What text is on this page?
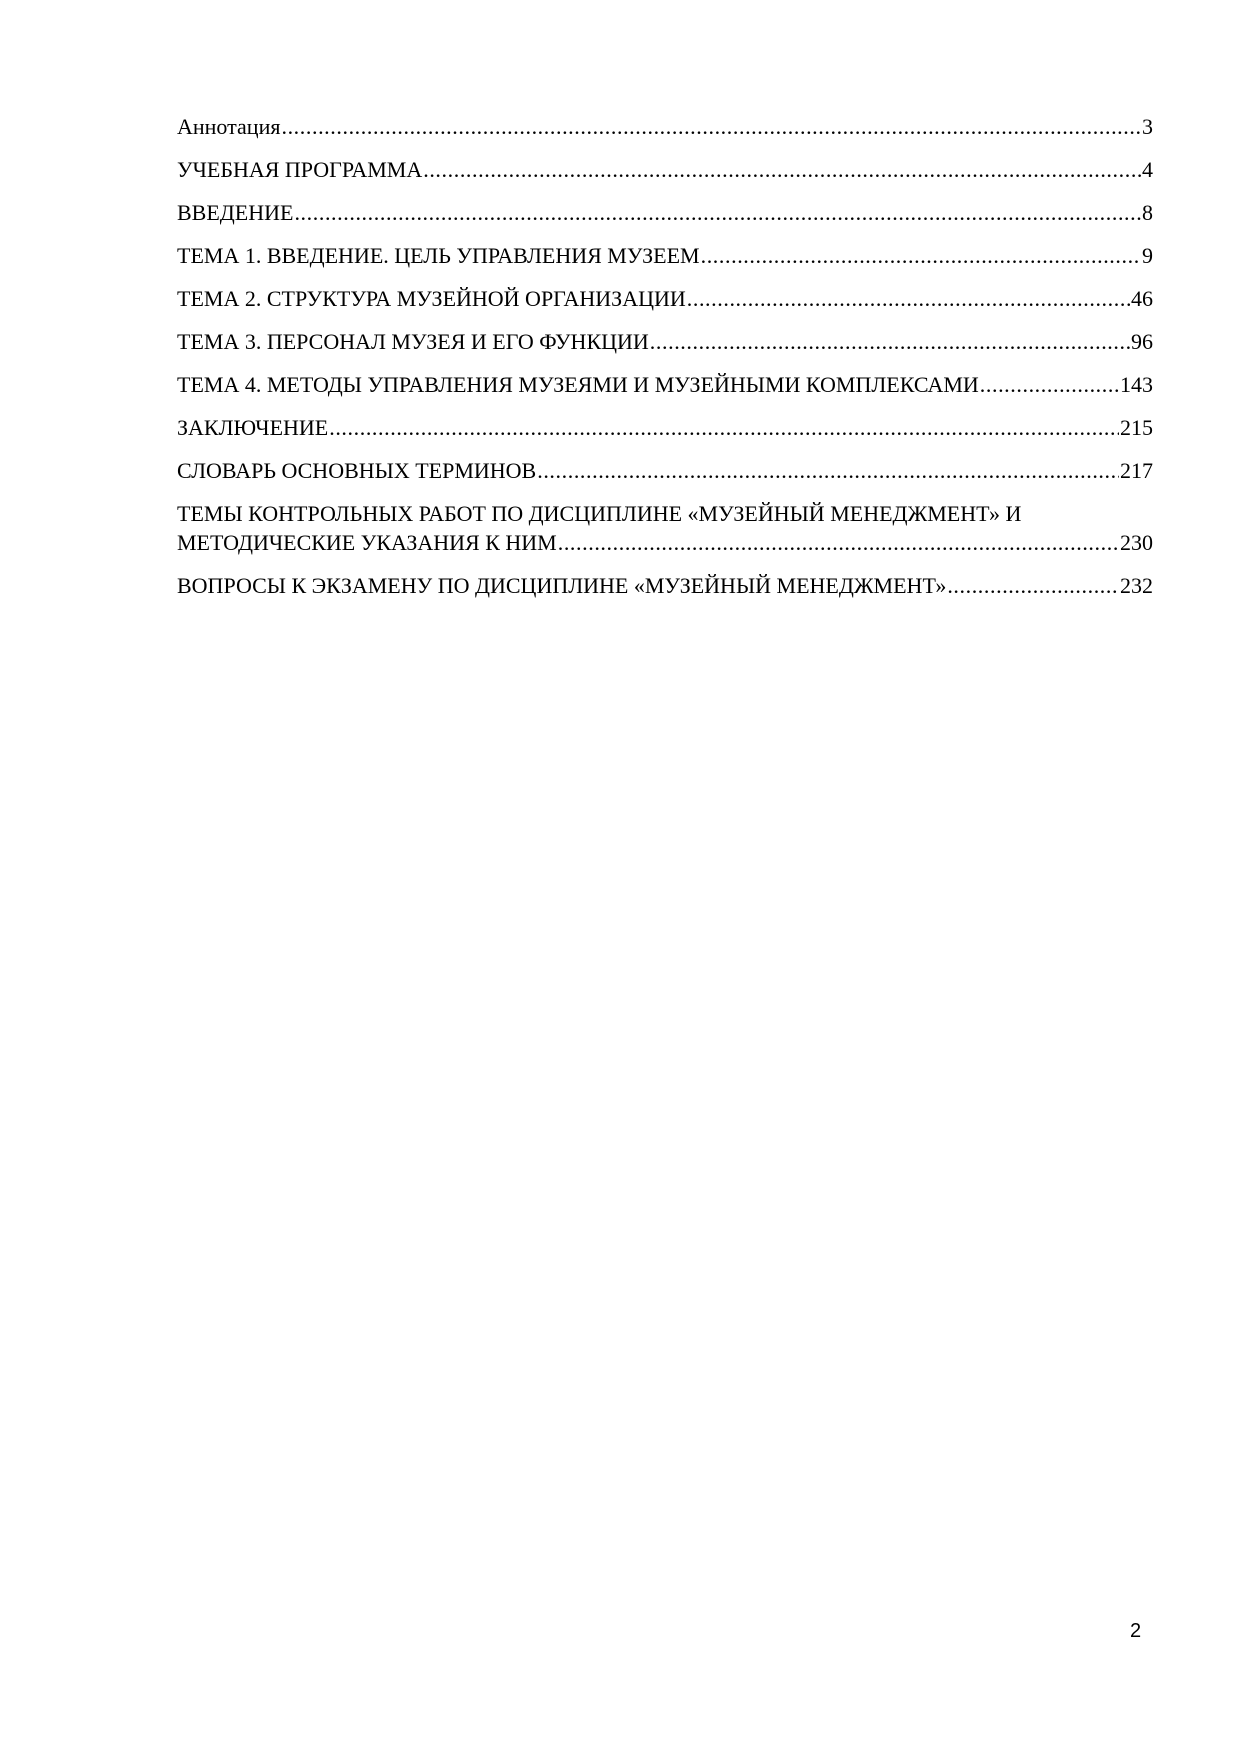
Аннотация .....	3
УЧЕБНАЯ ПРОГРАММА .....	4
ВВЕДЕНИЕ .....	8
ТЕМА 1. ВВЕДЕНИЕ. ЦЕЛЬ УПРАВЛЕНИЯ МУЗЕЕМ .....	9
ТЕМА 2. СТРУКТУРА МУЗЕЙНОЙ ОРГАНИЗАЦИИ .....	46
ТЕМА 3. ПЕРСОНАЛ МУЗЕЯ И ЕГО ФУНКЦИИ .....	96
ТЕМА 4. МЕТОДЫ УПРАВЛЕНИЯ МУЗЕЯМИ И МУЗЕЙНЫМИ КОМПЛЕКСАМИ .....	143
ЗАКЛЮЧЕНИЕ .....	215
СЛОВАРЬ ОСНОВНЫХ ТЕРМИНОВ .....	217
ТЕМЫ КОНТРОЛЬНЫХ РАБОТ ПО ДИСЦИПЛИНЕ «МУЗЕЙНЫЙ МЕНЕДЖМЕНТ» И
МЕТОДИЧЕСКИЕ УКАЗАНИЯ К НИМ .....	230
ВОПРОСЫ К ЭКЗАМЕНУ ПО ДИСЦИПЛИНЕ «МУЗЕЙНЫЙ МЕНЕДЖМЕНТ» .....	232
2
